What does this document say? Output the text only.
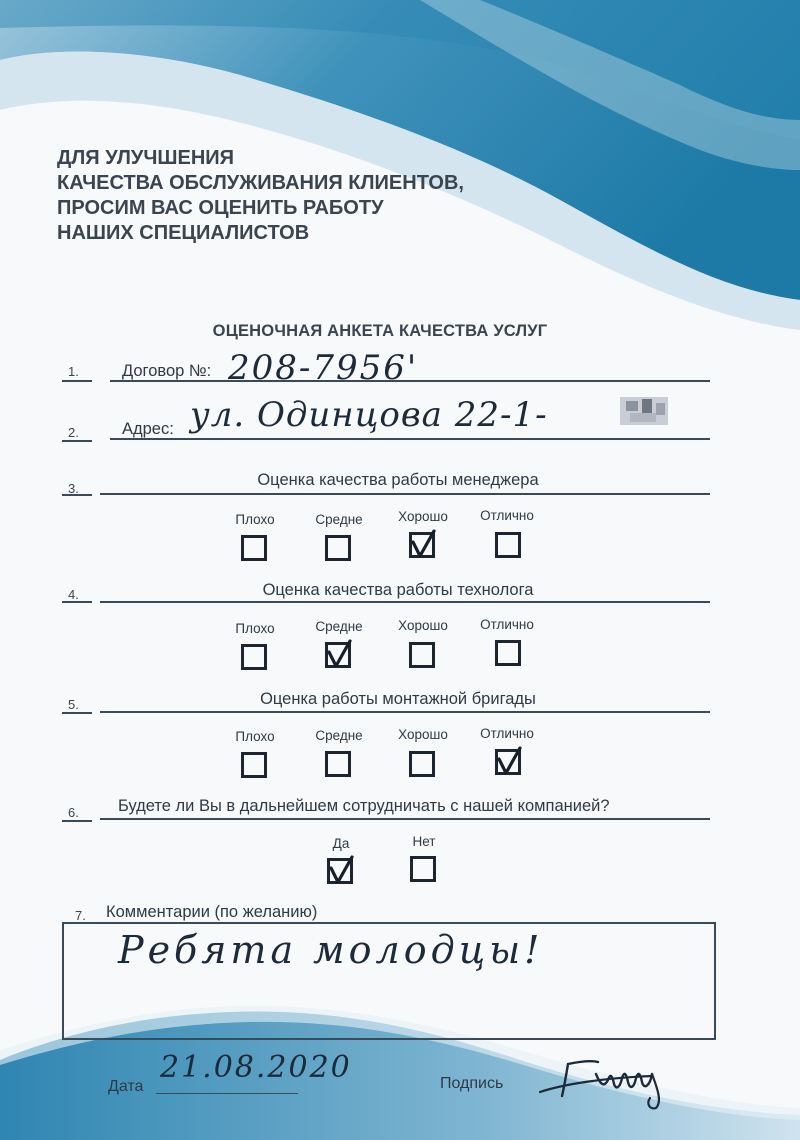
ДЛЯ УЛУЧШЕНИЯ
КАЧЕСТВА ОБСЛУЖИВАНИЯ КЛИЕНТОВ,
ПРОСИМ ВАС ОЦЕНИТЬ РАБОТУ
НАШИХ СПЕЦИАЛИСТОВ
ОЦЕНОЧНАЯ АНКЕТА КАЧЕСТВА УСЛУГ
1.	Договор №: 208-7956'
2.	Адрес: ул. Одинцова 22-1-
3.	Оценка качества работы менеджера
Плохо	Средне	Хорошо	Отлично
4.	Оценка качества работы технолога
Плохо	Средне	Хорошо	Отлично
5.	Оценка работы монтажной бригады
Плохо	Средне	Хорошо	Отлично
6. Будете ли Вы в дальнейшем сотрудничать с нашей компанией?
Да	Нет
7. Комментарии (по желанию)
Ребята молодцы!
Дата
21.08.2020	Подпись
